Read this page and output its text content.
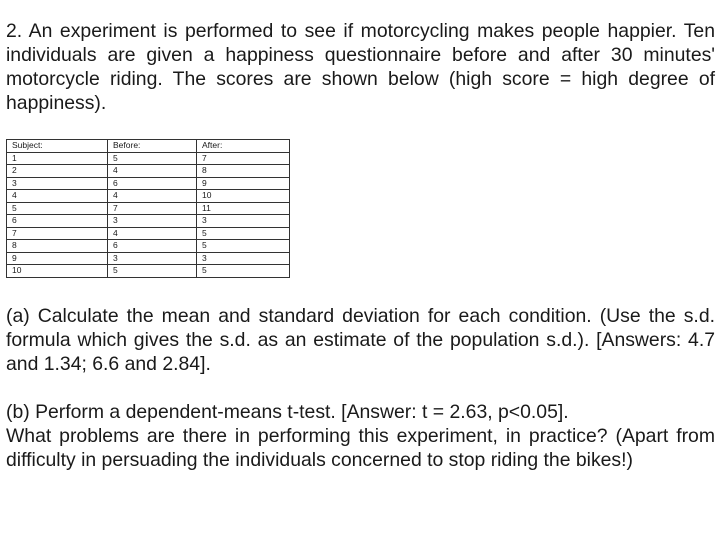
2. An experiment is performed to see if motorcycling makes people happier. Ten individuals are given a happiness questionnaire before and after 30 minutes' motorcycle riding. The scores are shown below (high score = high degree of happiness).

Subject:	Before:	After:
1	5	7
2	4	8
3	6	9
4	4	10
5	7	11
6	3	3
7	4	5
8	6	5
9	3	3
10	5	5

(a) Calculate the mean and standard deviation for each condition. (Use the s.d. formula which gives the s.d. as an estimate of the population s.d.). [Answers: 4.7 and 1.34; 6.6 and 2.84].

(b) Perform a dependent-means t-test. [Answer: t = 2.63, p<0.05].

What problems are there in performing this experiment, in practice? (Apart from difficulty in persuading the individuals concerned to stop riding the bikes!)
